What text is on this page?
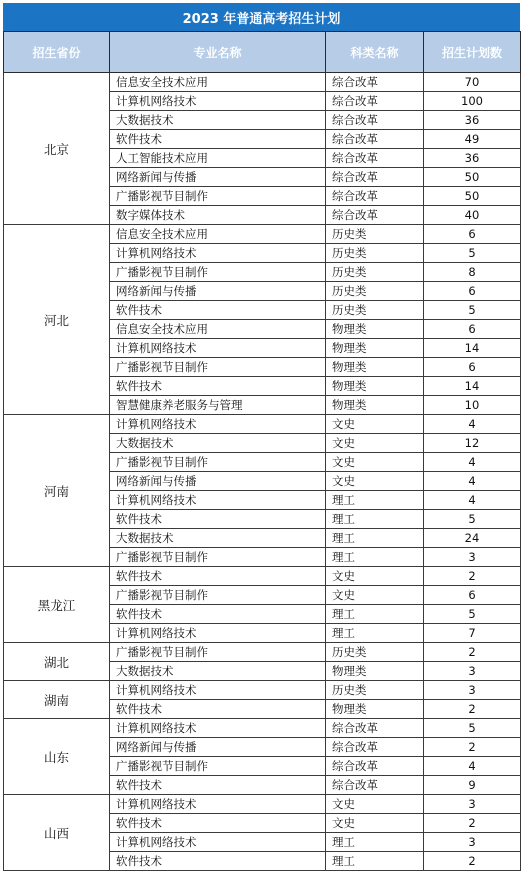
2023 年普通高考招生计划
招生省份	专业名称	科类名称	招生计划数
北京	信息安全技术应用	综合改革	70
	计算机网络技术	综合改革	100
	大数据技术	综合改革	36
	软件技术	综合改革	49
	人工智能技术应用	综合改革	36
	网络新闻与传播	综合改革	50
	广播影视节目制作	综合改革	50
	数字媒体技术	综合改革	40
河北	信息安全技术应用	历史类	6
	计算机网络技术	历史类	5
	广播影视节目制作	历史类	8
	网络新闻与传播	历史类	6
	软件技术	历史类	5
	信息安全技术应用	物理类	6
	计算机网络技术	物理类	14
	广播影视节目制作	物理类	6
	软件技术	物理类	14
	智慧健康养老服务与管理	物理类	10
河南	计算机网络技术	文史	4
	大数据技术	文史	12
	广播影视节目制作	文史	4
	网络新闻与传播	文史	4
	计算机网络技术	理工	4
	软件技术	理工	5
	大数据技术	理工	24
	广播影视节目制作	理工	3
黑龙江	软件技术	文史	2
	广播影视节目制作	文史	6
	软件技术	理工	5
	计算机网络技术	理工	7
湖北	广播影视节目制作	历史类	2
	大数据技术	物理类	3
湖南	计算机网络技术	历史类	3
	软件技术	物理类	2
山东	计算机网络技术	综合改革	5
	网络新闻与传播	综合改革	2
	广播影视节目制作	综合改革	4
	软件技术	综合改革	9
山西	计算机网络技术	文史	3
	软件技术	文史	2
	计算机网络技术	理工	3
	软件技术	理工	2
